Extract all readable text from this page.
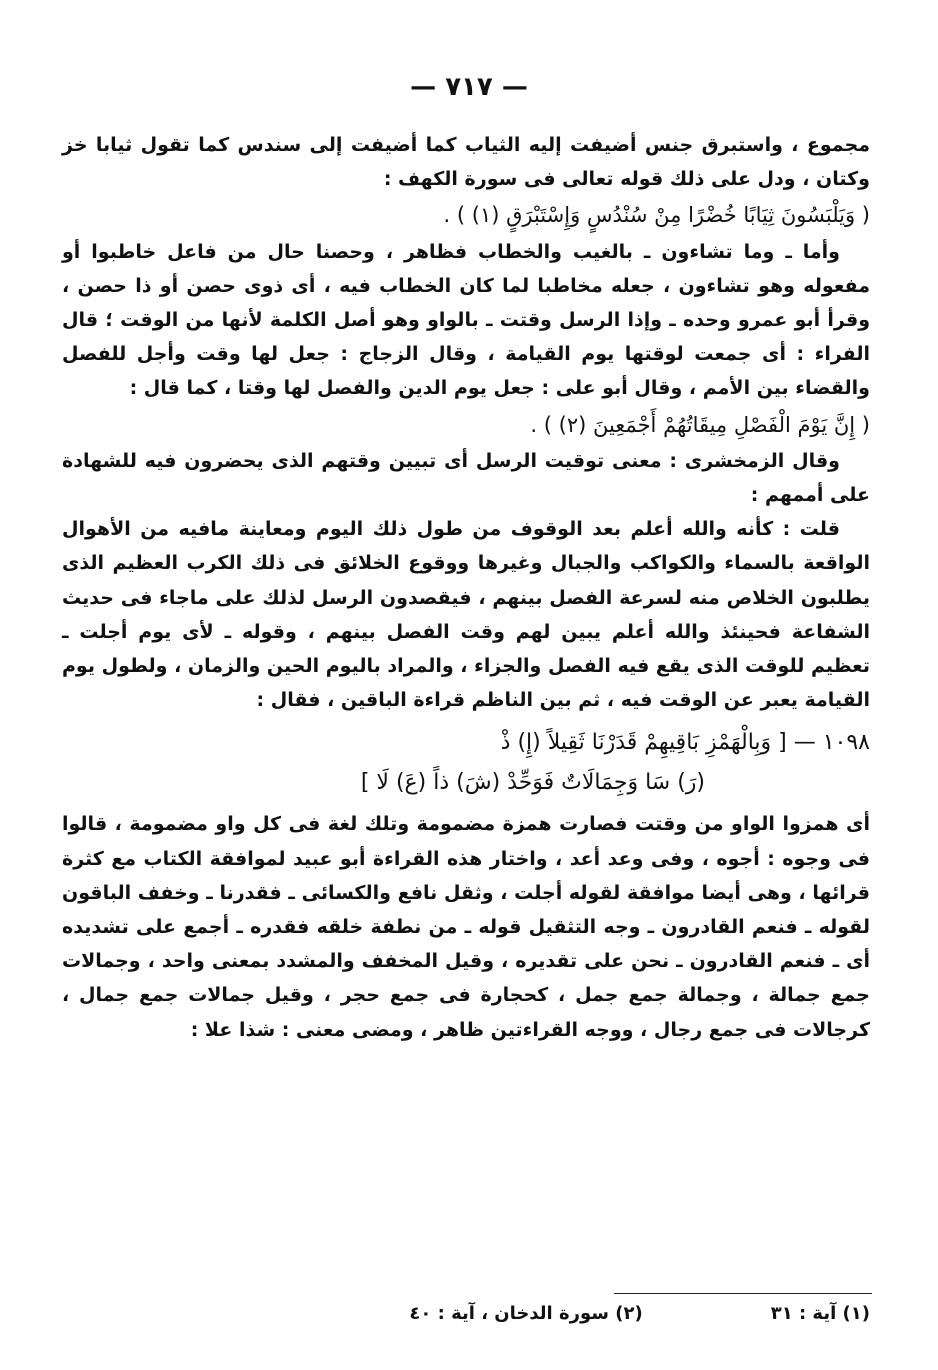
— ٧١٧ —

مجموع ، واستبرق جنس أضيفت إليه الثياب كما أضيفت إلى سندس كما تقول ثيابا خز وكتان ، ودل على ذلك قوله تعالى فى سورة الكهف :

( وَيَلْبَسُونَ ثِيَابًا خُضْرًا مِنْ سُنْدُسٍ وَإِسْتَبْرَقٍ (١) ) .

وأما ـ وما تشاءون ـ بالغيب والخطاب فظاهر ، وحصنا حال من فاعل خاطبوا أو مفعوله وهو تشاءون ، جعله مخاطبا لما كان الخطاب فيه ، أى ذوى حصن أو ذا حصن ، وقرأ أبو عمرو وحده ـ وإذا الرسل وقتت ـ بالواو وهو أصل الكلمة لأنها من الوقت ؛ قال الفراء : أى جمعت لوقتها يوم القيامة ، وقال الزجاج : جعل لها وقت وأجل للفصل والقضاء بين الأمم ، وقال أبو على : جعل يوم الدين والفصل لها وقتا ، كما قال :

( إِنَّ يَوْمَ الْفَصْلِ مِيقَاتُهُمْ أَجْمَعِينَ (٢) ) .

وقال الزمخشرى : معنى توقيت الرسل أى تبيين وقتهم الذى يحضرون فيه للشهادة على أممهم :

قلت : كأنه والله أعلم بعد الوقوف من طول ذلك اليوم ومعاينة مافيه من الأهوال الواقعة بالسماء والكواكب والجبال وغيرها ووقوع الخلائق فى ذلك الكرب العظيم الذى يطلبون الخلاص منه لسرعة الفصل بينهم ، فيقصدون الرسل لذلك على ماجاء فى حديث الشفاعة فحينئذ والله أعلم يبين لهم وقت الفصل بينهم ، وقوله ـ لأى يوم أجلت ـ تعظيم للوقت الذى يقع فيه الفصل والجزاء ، والمراد باليوم الحين والزمان ، ولطول يوم القيامة يعبر عن الوقت فيه ، ثم بين الناظم قراءة الباقين ، فقال :

١٠٩٨ — [ وَبِالْهَمْزِ بَاقِيهِمْ قَدَرْنَا ثَقِيلاً (إِ) ذْ
(رَ) سَا وَجِمَالَاتٌ فَوَحِّدْ (شَ) ذاً (عَ) لَا ]

أى همزوا الواو من وقتت فصارت همزة مضمومة وتلك لغة فى كل واو مضمومة ، قالوا فى وجوه : أجوه ، وفى وعد أعد ، واختار هذه القراءة أبو عبيد لموافقة الكتاب مع كثرة قرائها ، وهى أيضا موافقة لقوله أجلت ، وثقل نافع والكسائى ـ فقدرنا ـ وخفف الباقون لقوله ـ فنعم القادرون ـ وجه التثقيل قوله ـ من نطفة خلقه فقدره ـ أجمع على تشديده أى ـ فنعم القادرون ـ نحن على تقديره ، وقيل المخفف والمشدد بمعنى واحد ، وجمالات جمع جمالة ، وجمالة جمع جمل ، كحجارة فى جمع حجر ، وقيل جمالات جمع جمال ، كرجالات فى جمع رجال ، ووجه القراءتين ظاهر ، ومضى معنى : شذا علا :

(١) آية : ٣١
(٢) سورة الدخان ، آية : ٤٠
